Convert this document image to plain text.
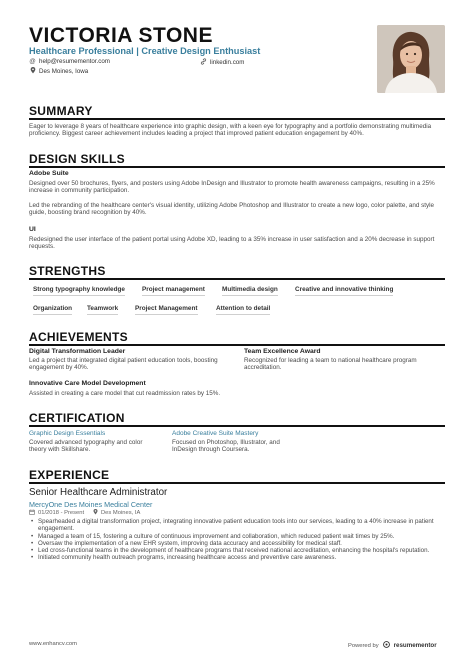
VICTORIA STONE
Healthcare Professional | Creative Design Enthusiast
@ help@resumementor.com	linkedin.com
Des Moines, Iowa
SUMMARY
Eager to leverage 8 years of healthcare experience into graphic design, with a keen eye for typography and a portfolio demonstrating multimedia proficiency. Biggest career achievement includes leading a project that improved patient education engagement by 40%.
DESIGN SKILLS
Adobe Suite
Designed over 50 brochures, flyers, and posters using Adobe InDesign and Illustrator to promote health awareness campaigns, resulting in a 25% increase in community participation.
Led the rebranding of the healthcare center's visual identity, utilizing Adobe Photoshop and Illustrator to create a new logo, color palette, and style guide, boosting brand recognition by 40%.
UI
Redesigned the user interface of the patient portal using Adobe XD, leading to a 35% increase in user satisfaction and a 20% decrease in support requests.
STRENGTHS
Strong typography knowledge	Project management	Multimedia design	Creative and innovative thinking
Organization Teamwork	Project Management	Attention to detail
ACHIEVEMENTS
Digital Transformation Leader
Led a project that integrated digital patient education tools, boosting engagement by 40%.
Team Excellence Award
Recognized for leading a team to national healthcare program accreditation.
Innovative Care Model Development
Assisted in creating a care model that cut readmission rates by 15%.
CERTIFICATION
Graphic Design Essentials
Covered advanced typography and color theory with Skillshare.
Adobe Creative Suite Mastery
Focused on Photoshop, Illustrator, and InDesign through Coursera.
EXPERIENCE
Senior Healthcare Administrator
MercyOne Des Moines Medical Center
01/2018 - Present	Des Moines, IA
• Spearheaded a digital transformation project, integrating innovative patient education tools into our services, leading to a 40% increase in patient engagement.
• Managed a team of 15, fostering a culture of continuous improvement and collaboration, which reduced patient wait times by 25%.
• Oversaw the implementation of a new EHR system, improving data accuracy and accessibility for medical staff.
• Led cross-functional teams in the development of healthcare programs that received national accreditation, enhancing the hospital's reputation.
• Initiated community health outreach programs, increasing healthcare access and preventive care awareness.
www.enhancv.com	Powered by resumementor
